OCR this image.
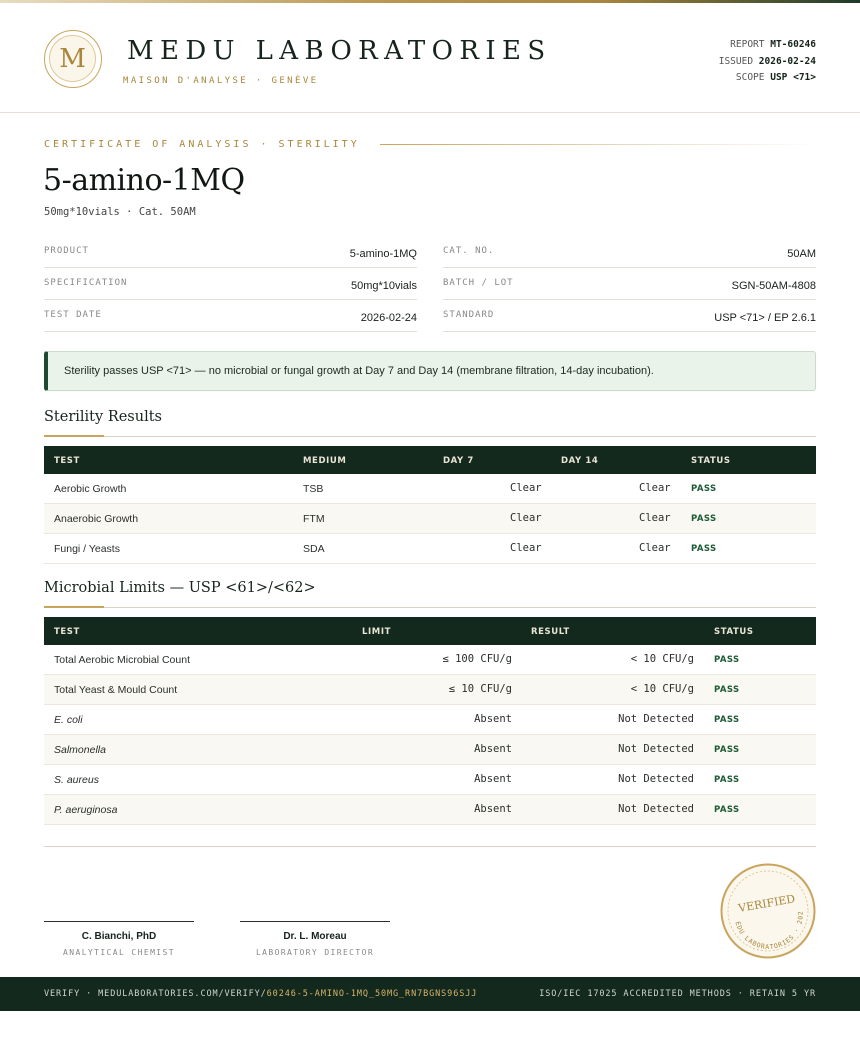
M	MEDU LABORATORIES
MAISON D'ANALYSE · GENÈVE
REPORT MT-60246
ISSUED 2026-02-24
SCOPE USP <71>
CERTIFICATE OF ANALYSIS · STERILITY
5-amino-1MQ
50mg*10vials · Cat. 50AM
PRODUCT	5-amino-1MQ
SPECIFICATION	50mg*10vials
TEST DATE	2026-02-24
CAT. NO.	50AM
BATCH / LOT	SGN-50AM-4808
STANDARD	USP <71> / EP 2.6.1
Sterility passes USP <71> — no microbial or fungal growth at Day 7 and Day 14 (membrane filtration, 14-day incubation).
Sterility Results
TEST	MEDIUM	DAY 7	DAY 14	STATUS
Aerobic Growth	TSB	Clear	Clear PASS
Anaerobic Growth	FTM	Clear	Clear PASS
Fungi / Yeasts	SDA	Clear	Clear PASS
Microbial Limits — USP <61>/<62>
TEST	LIMIT	RESULT	STATUS
Total Aerobic Microbial Count	≤ 100 CFU/g	< 10 CFU/g PASS
Total Yeast & Mould Count	≤ 10 CFU/g	< 10 CFU/g PASS
E. coli	Absent	Not Detected PASS
Salmonella	Absent	Not Detected PASS
S. aureus	Absent	Not Detected PASS
P. aeruginosa	Absent	Not Detected PASS
C. Bianchi, PhD
ANALYTICAL CHEMIST
Dr. L. Moreau
LABORATORY DIRECTOR
VERIFIED
MEDU LABORATORIES · 2026
VERIFY · MEDULABORATORIES.COM/VERIFY/60246-5-AMINO-1MQ_50MG_RN7BGNS96SJJ	ISO/IEC 17025 ACCREDITED METHODS · RETAIN 5 YR
